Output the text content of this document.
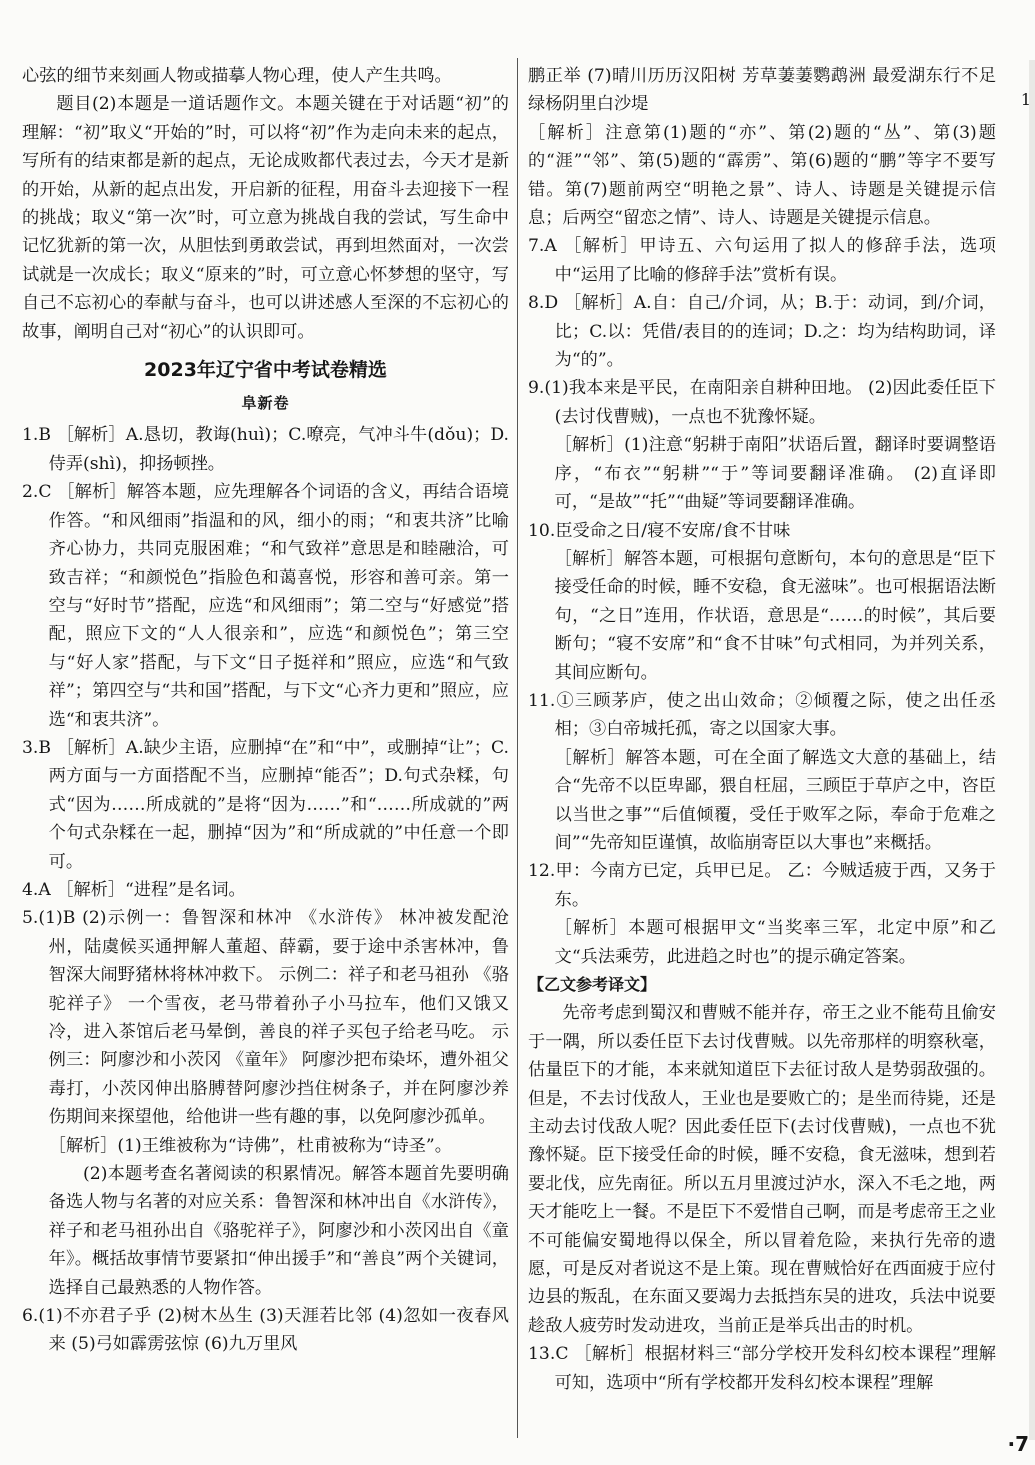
1

心弦的细节来刻画人物或描摹人物心理，使人产生共鸣。

题目(2)本题是一道话题作文。本题关键在于对话题“初”的理解：“初”取义“开始的”时，可以将“初”作为走向未来的起点，写所有的结束都是新的起点，无论成败都代表过去，今天才是新的开始，从新的起点出发，开启新的征程，用奋斗去迎接下一程的挑战；取义“第一次”时，可立意为挑战自我的尝试，写生命中记忆犹新的第一次，从胆怯到勇敢尝试，再到坦然面对，一次尝试就是一次成长；取义“原来的”时，可立意心怀梦想的坚守，写自己不忘初心的奉献与奋斗，也可以讲述感人至深的不忘初心的故事，阐明自己对“初心”的认识即可。

2023年辽宁省中考试卷精选
阜新卷

1.B ［解析］A.恳切，教诲(huì)；C.嘹亮，气冲斗牛(dǒu)；D.侍弄(shì)，抑扬顿挫。

2.C ［解析］解答本题，应先理解各个词语的含义，再结合语境作答。“和风细雨”指温和的风，细小的雨；“和衷共济”比喻齐心协力，共同克服困难；“和气致祥”意思是和睦融洽，可致吉祥；“和颜悦色”指脸色和蔼喜悦，形容和善可亲。第一空与“好时节”搭配，应选“和风细雨”；第二空与“好感觉”搭配，照应下文的“人人很亲和”，应选“和颜悦色”；第三空与“好人家”搭配，与下文“日子挺祥和”照应，应选“和气致祥”；第四空与“共和国”搭配，与下文“心齐力更和”照应，应选“和衷共济”。

3.B ［解析］A.缺少主语，应删掉“在”和“中”，或删掉“让”；C.两方面与一方面搭配不当，应删掉“能否”；D.句式杂糅，句式“因为……所成就的”是将“因为……”和“……所成就的”两个句式杂糅在一起，删掉“因为”和“所成就的”中任意一个即可。

4.A ［解析］“进程”是名词。

5.(1)B (2)示例一：鲁智深和林冲 《水浒传》 林冲被发配沧州，陆虞候买通押解人董超、薛霸，要于途中杀害林冲，鲁智深大闹野猪林将林冲救下。 示例二：祥子和老马祖孙 《骆驼祥子》 一个雪夜，老马带着孙子小马拉车，他们又饿又冷，进入茶馆后老马晕倒，善良的祥子买包子给老马吃。 示例三：阿廖沙和小茨冈 《童年》 阿廖沙把布染坏，遭外祖父毒打，小茨冈伸出胳膊替阿廖沙挡住树条子，并在阿廖沙养伤期间来探望他，给他讲一些有趣的事，以免阿廖沙孤单。

［解析］(1)王维被称为“诗佛”，杜甫被称为“诗圣”。

(2)本题考查名著阅读的积累情况。解答本题首先要明确备选人物与名著的对应关系：鲁智深和林冲出自《水浒传》，祥子和老马祖孙出自《骆驼祥子》，阿廖沙和小茨冈出自《童年》。概括故事情节要紧扣“伸出援手”和“善良”两个关键词，选择自己最熟悉的人物作答。

6.(1)不亦君子乎 (2)树木丛生 (3)天涯若比邻 (4)忽如一夜春风来 (5)弓如霹雳弦惊 (6)九万里风

鹏正举 (7)晴川历历汉阳树 芳草萋萋鹦鹉洲 最爱湖东行不足 绿杨阴里白沙堤

［解析］注意第(1)题的“亦”、第(2)题的“丛”、第(3)题的“涯”“邻”、第(5)题的“霹雳”、第(6)题的“鹏”等字不要写错。第(7)题前两空“明艳之景”、诗人、诗题是关键提示信息；后两空“留恋之情”、诗人、诗题是关键提示信息。

7.A ［解析］甲诗五、六句运用了拟人的修辞手法，选项中“运用了比喻的修辞手法”赏析有误。

8.D ［解析］A.自：自己/介词，从；B.于：动词，到/介词，比；C.以：凭借/表目的的连词；D.之：均为结构助词，译为“的”。

9.(1)我本来是平民，在南阳亲自耕种田地。 (2)因此委任臣下(去讨伐曹贼)，一点也不犹豫怀疑。

［解析］(1)注意“躬耕于南阳”状语后置，翻译时要调整语序，“布衣”“躬耕”“于”等词要翻译准确。 (2)直译即可，“是故”“托”“曲疑”等词要翻译准确。

10.臣受命之日/寝不安席/食不甘味

［解析］解答本题，可根据句意断句，本句的意思是“臣下接受任命的时候，睡不安稳，食无滋味”。也可根据语法断句，“之日”连用，作状语，意思是“……的时候”，其后要断句；“寝不安席”和“食不甘味”句式相同，为并列关系，其间应断句。

11.①三顾茅庐，使之出山效命；②倾覆之际，使之出任丞相；③白帝城托孤，寄之以国家大事。

［解析］解答本题，可在全面了解选文大意的基础上，结合“先帝不以臣卑鄙，猥自枉屈，三顾臣于草庐之中，咨臣以当世之事”“后值倾覆，受任于败军之际，奉命于危难之间”“先帝知臣谨慎，故临崩寄臣以大事也”来概括。

12.甲：今南方已定，兵甲已足。 乙：今贼适疲于西，又务于东。

［解析］本题可根据甲文“当奖率三军，北定中原”和乙文“兵法乘劳，此进趋之时也”的提示确定答案。

【乙文参考译文】

先帝考虑到蜀汉和曹贼不能并存，帝王之业不能苟且偷安于一隅，所以委任臣下去讨伐曹贼。以先帝那样的明察秋毫，估量臣下的才能，本来就知道臣下去征讨敌人是势弱敌强的。但是，不去讨伐敌人，王业也是要败亡的；是坐而待毙，还是主动去讨伐敌人呢？因此委任臣下(去讨伐曹贼)，一点也不犹豫怀疑。臣下接受任命的时候，睡不安稳，食无滋味，想到若要北伐，应先南征。所以五月里渡过泸水，深入不毛之地，两天才能吃上一餐。不是臣下不爱惜自己啊，而是考虑帝王之业不可能偏安蜀地得以保全，所以冒着危险，来执行先帝的遗愿，可是反对者说这不是上策。现在曹贼恰好在西面疲于应付边县的叛乱，在东面又要竭力去抵挡东吴的进攻，兵法中说要趁敌人疲劳时发动进攻，当前正是举兵出击的时机。

13.C ［解析］根据材料三“部分学校开发科幻校本课程”理解可知，选项中“所有学校都开发科幻校本课程”理解

·7
